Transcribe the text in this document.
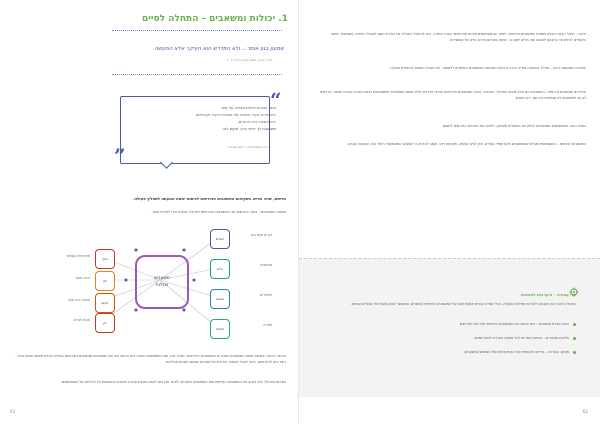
1. יכולות ומשאבים – התחלה לסיים
שמעון בגון אומר... ולא המדרש הוא העיקר אלא המעשה
פרקי אבות, מסכת אבות, פרק א, יז
“
”
אתה תוכנית יכולות ותחייה על יסוד
היא עירוב בעיר הכוונה של תוכנית הייצור וקהילתנו
היא הוצאה בית ההורים,
משמעות לך דימוי ברוך מקום לזה
א.ה פרסונליזציה, רישות תוכנית
תרשים, שיח: צפייה בשקיפות המשאבים הנדרשים לפיתוח יוזמה והנעתה לתהליך פעולה.
משאב המשאבים – בתוך התרשים של המשאבים הנדרשים לתהליך פעולה וכדי ליצירת קשר.
משאבים
ויכולות
כסף
זמן
מקום
ידע
קשרים
כלים
אנשים
תקציב
מתנדבים נוספים
כיתה וחצר
תקציב בית ספר
אבות מורים
הורים מעורבים
מחשבים
תלמידים
ספריה
הוראה לכיתה: בשיעור תחום המשאבים המוכרים והמשאבים הנדרשים. לאחר מכן, עם המשתתפים הזמינו לדון בכיתה מה הם המשאבים שנמצאים בסביבתם ובמידה ונדרש משאב שאינו נגיש – כיצד ניתן לגייס אותו. כדאי לעודד חשיבה יצירתית על מקורות שאינם מובנים מאליהם.
בסיכום התהליך ניתן לבחון את המשאבים הקיימים ואת המשאבים החסרים. לאחר מכן ניתן לבנות תוכנית עבודה מעשית המבוססת על היכולות של המשתתפים.
63
ידיעה – חיבור הבנת העולם ותמונת המשאבים הקיימים. לאחר שהמשתתפים מזהים את תחומי העניין והצורך, ניתן להתחיל בתהליך של בחירת נושא לפעולה ולמידה משותפת. כאשר הלומדים יודעים מה ברצונם לעשות ומה נדרש לשם כך, נפתח בפניהם מרחב חדש של אפשרויות.
הבחירה מבוססת ידיעה – תהליך החשיבה מחייב הכרה ביכולות הקבוצה ובמשאבים העומדים לרשותה. זוהי נקודת המוצא להתחלת פעולה.
תהליכים ומשאבים נדרשים – המשאבים הם חלק מהותי בתהליך הפעולה. הבנת המשאבים הנדרשים ופירוט הדרכים לגייס אותם מאפשרים למשתתפים לבנות תוכנית עבודה ישימה. יש לשים לב גם למשאבים לא מוחשיים כמו זמן, ידע ויחסים.
בשלב הבא, המשתתפים מתבקשים לבחון את הפעולות שיבצעו, ולתכנן את הצעדים הנדרשים ליישומן.
המשאבים הנגישים – המשתתפים מגלים שהמשאבים אינם תמיד כספיים. ניתן לגייס אנשים, מקומות וידע. חשוב להדגיש כי המשאב המשמעותי ביותר הוא הקבוצה עצמה.
כלי עבודה – היערכות למשימה
המטרה להכין את הקבוצה לקראת תחילת הפעולה. הכלי מסייע בבניית תמונת מצב של המשאבים הקיימים והחסרים, ומאפשר תכנון מעשי של הצעדים הבאים.
הכנת טבלת משאבים – ניתן לכתוב את המשאבים הקיימים לצד אלו הנדרשים.
חלוקת תפקידים – קביעת אחריות לכל משאב והגדרת לוחות זמנים.
מעקב והערכה – בדיקה תקופתית של ההתקדמות ושל השימוש במשאבים.
62
